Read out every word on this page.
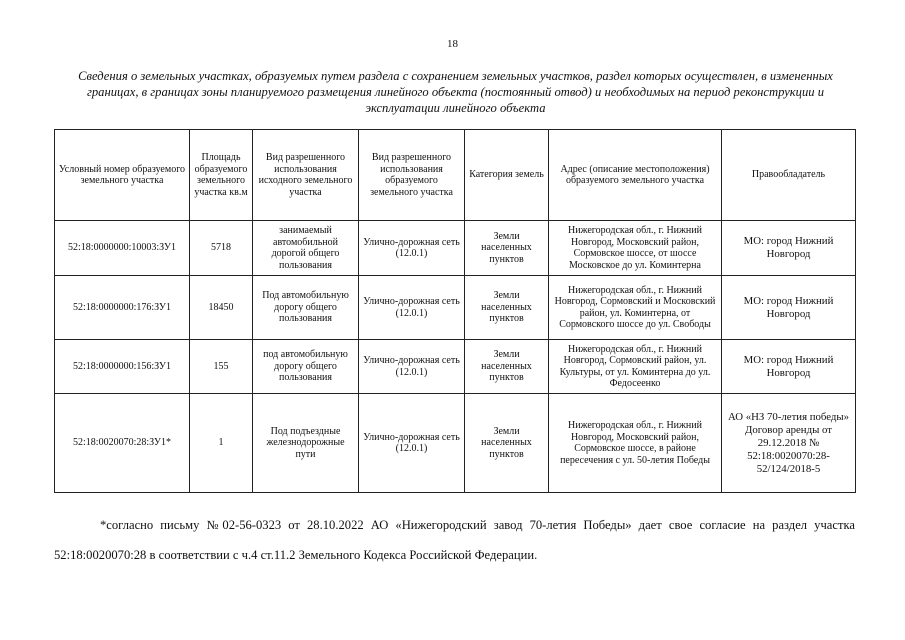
18
Сведения о земельных участках, образуемых путем раздела с сохранением земельных участков, раздел которых осуществлен, в измененных границах, в границах зоны планируемого размещения линейного объекта (постоянный отвод) и необходимых на период реконструкции и эксплуатации линейного объекта
Условный номер образуемого земельного участка	Площадь образуемого земельного участка кв.м	Вид разрешенного использования исходного земельного участка	Вид разрешенного использования образуемого земельного участка	Категория земель	Адрес (описание местоположения) образуемого земельного участка	Правообладатель
52:18:0000000:10003:ЗУ1	5718	занимаемый автомобильной дорогой общего пользования	Улично-дорожная сеть (12.0.1)	Земли населенных пунктов	Нижегородская обл., г. Нижний Новгород, Московский район, Сормовское шоссе, от шоссе Московское до ул. Коминтерна	МО: город Нижний Новгород
52:18:0000000:176:ЗУ1	18450	Под автомобильную дорогу общего пользования	Улично-дорожная сеть (12.0.1)	Земли населенных пунктов	Нижегородская обл., г. Нижний Новгород, Сормовский и Московский район, ул. Коминтерна, от Сормовского шоссе до ул. Свободы	МО: город Нижний Новгород
52:18:0000000:156:ЗУ1	155	под автомобильную дорогу общего пользования	Улично-дорожная сеть (12.0.1)	Земли населенных пунктов	Нижегородская обл., г. Нижний Новгород, Сормовский район, ул. Культуры, от ул. Коминтерна до ул. Федосеенко	МО: город Нижний Новгород
52:18:0020070:28:ЗУ1*	1	Под подъездные железнодорожные пути	Улично-дорожная сеть (12.0.1)	Земли населенных пунктов	Нижегородская обл., г. Нижний Новгород, Московский район, Сормовское шоссе, в районе пересечения с ул. 50-летия Победы	АО «НЗ 70-летия победы» Договор аренды от 29.12.2018 № 52:18:0020070:28-52/124/2018-5
*согласно письму №02-56-0323 от 28.10.2022 АО «Нижегородский завод 70-летия Победы» дает свое согласие на раздел участка 52:18:0020070:28 в соответствии с ч.4 ст.11.2 Земельного Кодекса Российской Федерации.
